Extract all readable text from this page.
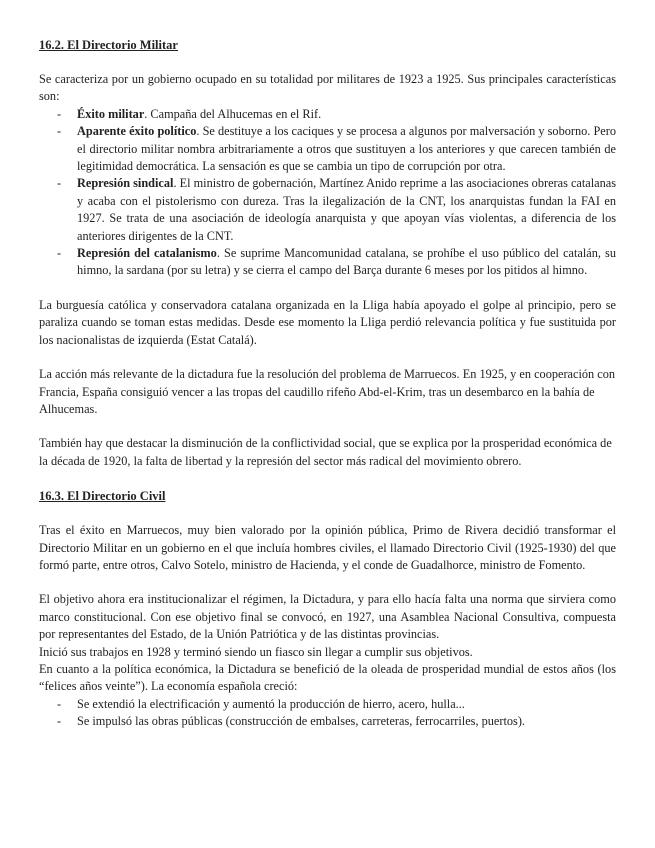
16.2. El Directorio Militar

Se caracteriza por un gobierno ocupado en su totalidad por militares de 1923 a 1925. Sus principales características son:

- Éxito militar. Campaña del Alhucemas en el Rif.
- Aparente éxito político. Se destituye a los caciques y se procesa a algunos por malversación y soborno. Pero el directorio militar nombra arbitrariamente a otros que sustituyen a los anteriores y que carecen también de legitimidad democrática. La sensación es que se cambia un tipo de corrupción por otra.
- Represión sindical. El ministro de gobernación, Martínez Anido reprime a las asociaciones obreras catalanas y acaba con el pistolerismo con dureza. Tras la ilegalización de la CNT, los anarquistas fundan la FAI en 1927. Se trata de una asociación de ideología anarquista y que apoyan vías violentas, a diferencia de los anteriores dirigentes de la CNT.
- Represión del catalanismo. Se suprime Mancomunidad catalana, se prohíbe el uso público del catalán, su himno, la sardana (por su letra) y se cierra el campo del Barça durante 6 meses por los pitidos al himno.

La burguesía católica y conservadora catalana organizada en la Lliga había apoyado el golpe al principio, pero se paraliza cuando se toman estas medidas. Desde ese momento la Lliga perdió relevancia política y fue sustituida por los nacionalistas de izquierda (Estat Catalá).

La acción más relevante de la dictadura fue la resolución del problema de Marruecos. En 1925, y en cooperación con Francia, España consiguió vencer a las tropas del caudillo rifeño Abd-el-Krim, tras un desembarco en la bahía de Alhucemas.

También hay que destacar la disminución de la conflictividad social, que se explica por la prosperidad económica de la década de 1920, la falta de libertad y la represión del sector más radical del movimiento obrero.

16.3. El Directorio Civil

Tras el éxito en Marruecos, muy bien valorado por la opinión pública, Primo de Rivera decidió transformar el Directorio Militar en un gobierno en el que incluía hombres civiles, el llamado Directorio Civil (1925-1930) del que formó parte, entre otros, Calvo Sotelo, ministro de Hacienda, y el conde de Guadalhorce, ministro de Fomento.

El objetivo ahora era institucionalizar el régimen, la Dictadura, y para ello hacía falta una norma que sirviera como marco constitucional. Con ese objetivo final se convocó, en 1927, una Asamblea Nacional Consultiva, compuesta por representantes del Estado, de la Unión Patriótica y de las distintas provincias.

Inició sus trabajos en 1928 y terminó siendo un fiasco sin llegar a cumplir sus objetivos.

En cuanto a la política económica, la Dictadura se benefició de la oleada de prosperidad mundial de estos años (los “felices años veinte”). La economía española creció:

- Se extendió la electrificación y aumentó la producción de hierro, acero, hulla...
- Se impulsó las obras públicas (construcción de embalses, carreteras, ferrocarriles, puertos).
